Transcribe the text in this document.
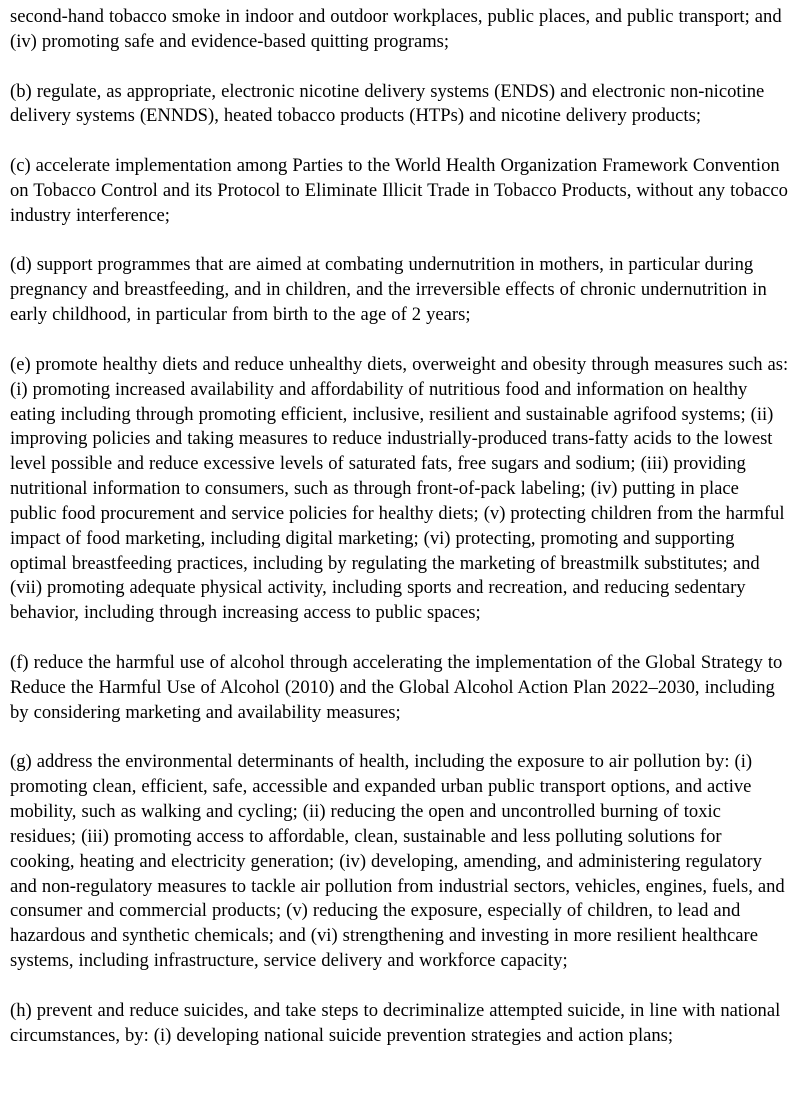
second-hand tobacco smoke in indoor and outdoor workplaces, public places, and public transport; and (iv) promoting safe and evidence-based quitting programs;

(b) regulate, as appropriate, electronic nicotine delivery systems (ENDS) and electronic non-nicotine delivery systems (ENNDS), heated tobacco products (HTPs) and nicotine delivery products;

(c) accelerate implementation among Parties to the World Health Organization Framework Convention on Tobacco Control and its Protocol to Eliminate Illicit Trade in Tobacco Products, without any tobacco industry interference;

(d) support programmes that are aimed at combating undernutrition in mothers, in particular during pregnancy and breastfeeding, and in children, and the irreversible effects of chronic undernutrition in early childhood, in particular from birth to the age of 2 years;

(e) promote healthy diets and reduce unhealthy diets, overweight and obesity through measures such as: (i) promoting increased availability and affordability of nutritious food and information on healthy eating including through promoting efficient, inclusive, resilient and sustainable agrifood systems; (ii) improving policies and taking measures to reduce industrially-produced trans-fatty acids to the lowest level possible and reduce excessive levels of saturated fats, free sugars and sodium; (iii) providing nutritional information to consumers, such as through front-of-pack labeling; (iv) putting in place public food procurement and service policies for healthy diets; (v) protecting children from the harmful impact of food marketing, including digital marketing; (vi) protecting, promoting and supporting optimal breastfeeding practices, including by regulating the marketing of breastmilk substitutes; and (vii) promoting adequate physical activity, including sports and recreation, and reducing sedentary behavior, including through increasing access to public spaces;

(f) reduce the harmful use of alcohol through accelerating the implementation of the Global Strategy to Reduce the Harmful Use of Alcohol (2010) and the Global Alcohol Action Plan 2022–2030, including by considering marketing and availability measures;

(g) address the environmental determinants of health, including the exposure to air pollution by: (i) promoting clean, efficient, safe, accessible and expanded urban public transport options, and active mobility, such as walking and cycling; (ii) reducing the open and uncontrolled burning of toxic residues; (iii) promoting access to affordable, clean, sustainable and less polluting solutions for cooking, heating and electricity generation; (iv) developing, amending, and administering regulatory and non-regulatory measures to tackle air pollution from industrial sectors, vehicles, engines, fuels, and consumer and commercial products; (v) reducing the exposure, especially of children, to lead and hazardous and synthetic chemicals; and (vi) strengthening and investing in more resilient healthcare systems, including infrastructure, service delivery and workforce capacity;

(h) prevent and reduce suicides, and take steps to decriminalize attempted suicide, in line with national circumstances, by: (i) developing national suicide prevention strategies and action plans;
